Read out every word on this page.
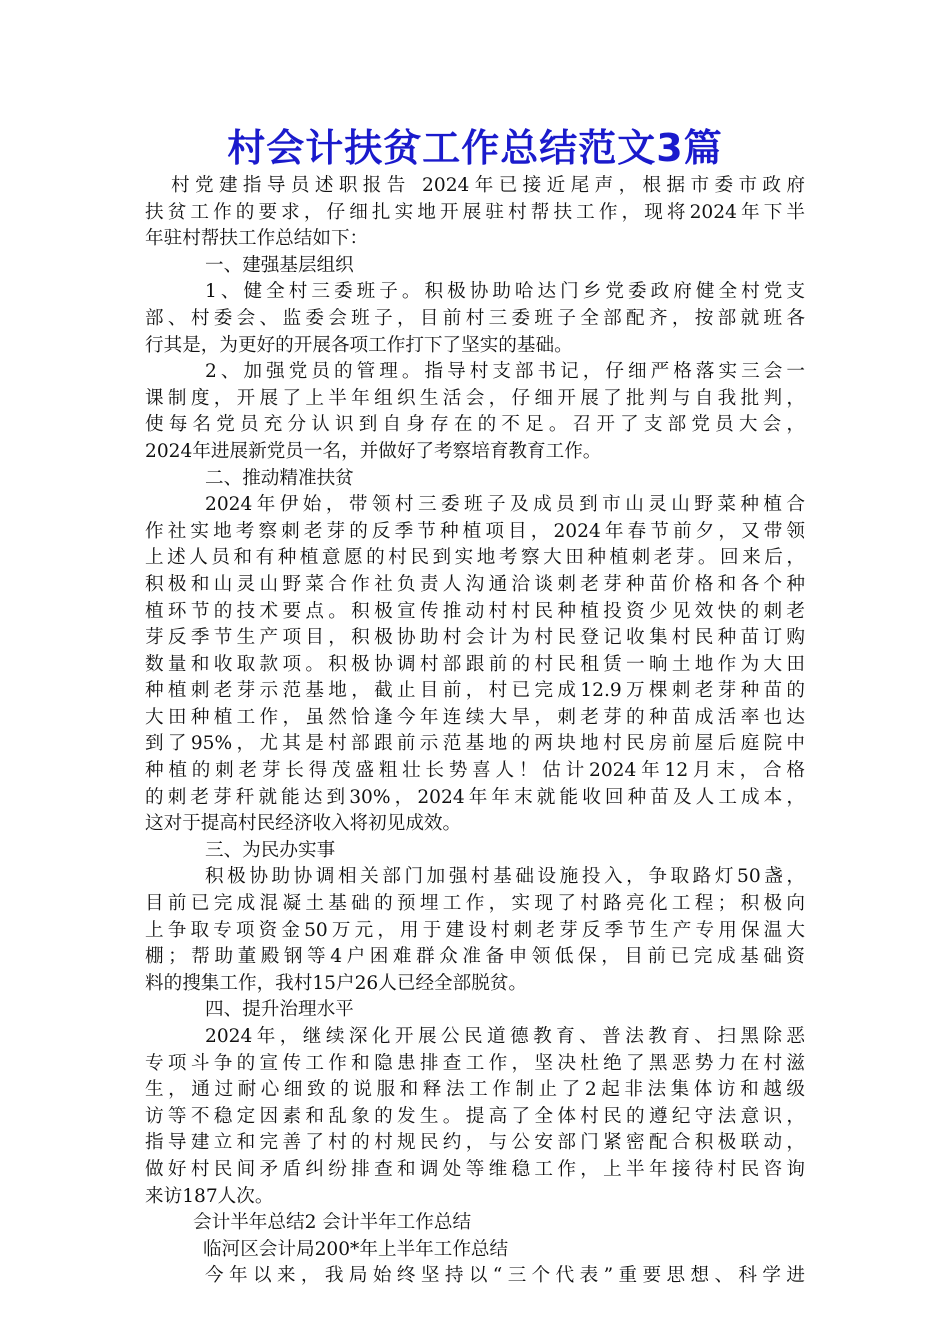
村会计扶贫工作总结范文3篇
村党建指导员述职报告 2024年已接近尾声，根据市委市政府
扶贫工作的要求，仔细扎实地开展驻村帮扶工作，现将2024年下半
年驻村帮扶工作总结如下：
一、建强基层组织
1、健全村三委班子。积极协助哈达门乡党委政府健全村党支
部、村委会、监委会班子，目前村三委班子全部配齐，按部就班各
行其是，为更好的开展各项工作打下了坚实的基础。
2、加强党员的管理。指导村支部书记，仔细严格落实三会一
课制度，开展了上半年组织生活会，仔细开展了批判与自我批判，
使每名党员充分认识到自身存在的不足。召开了支部党员大会，
2024年进展新党员一名，并做好了考察培育教育工作。
二、推动精准扶贫
2024年伊始，带领村三委班子及成员到市山灵山野菜种植合
作社实地考察刺老芽的反季节种植项目，2024年春节前夕，又带领
上述人员和有种植意愿的村民到实地考察大田种植刺老芽。回来后，
积极和山灵山野菜合作社负责人沟通洽谈刺老芽种苗价格和各个种
植环节的技术要点。积极宣传推动村村民种植投资少见效快的刺老
芽反季节生产项目，积极协助村会计为村民登记收集村民种苗订购
数量和收取款项。积极协调村部跟前的村民租赁一晌土地作为大田
种植刺老芽示范基地，截止目前，村已完成12.9万棵刺老芽种苗的
大田种植工作，虽然恰逢今年连续大旱，刺老芽的种苗成活率也达
到了95%，尤其是村部跟前示范基地的两块地村民房前屋后庭院中
种植的刺老芽长得茂盛粗壮长势喜人！估计2024年12月末，合格
的刺老芽秆就能达到30%，2024年年末就能收回种苗及人工成本，
这对于提高村民经济收入将初见成效。
三、为民办实事
积极协助协调相关部门加强村基础设施投入，争取路灯50盏，
目前已完成混凝土基础的预埋工作，实现了村路亮化工程；积极向
上争取专项资金50万元，用于建设村刺老芽反季节生产专用保温大
棚；帮助董殿钢等4户困难群众准备申领低保，目前已完成基础资
料的搜集工作，我村15户26人已经全部脱贫。
四、提升治理水平
2024年，继续深化开展公民道德教育、普法教育、扫黑除恶
专项斗争的宣传工作和隐患排查工作，坚决杜绝了黑恶势力在村滋
生，通过耐心细致的说服和释法工作制止了2起非法集体访和越级
访等不稳定因素和乱象的发生。提高了全体村民的遵纪守法意识，
指导建立和完善了村的村规民约，与公安部门紧密配合积极联动，
做好村民间矛盾纠纷排查和调处等维稳工作，上半年接待村民咨询
来访187人次。
会计半年总结2 会计半年工作总结
临河区会计局200*年上半年工作总结
今年以来，我局始终坚持以“三个代表”重要思想、科学进
